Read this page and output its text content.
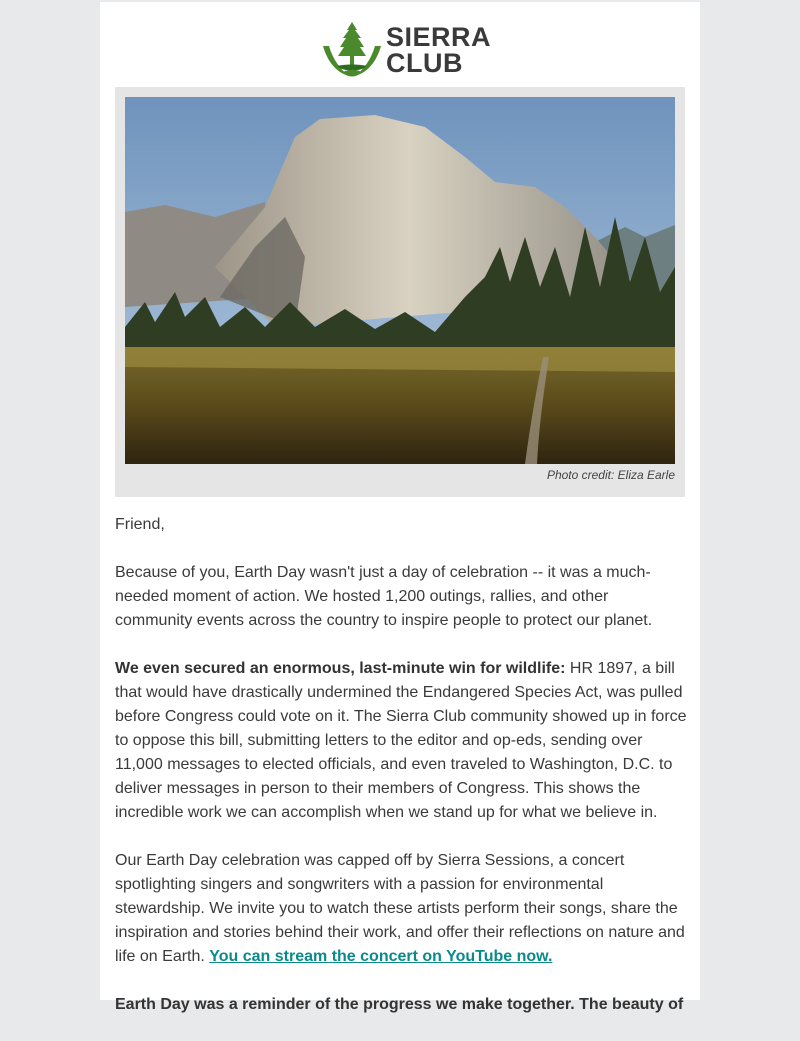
SIERRA
CLUB
Photo credit: Eliza Earle

Friend,

Because of you, Earth Day wasn't just a day of celebration -- it was a much-needed moment of action. We hosted 1,200 outings, rallies, and other community events across the country to inspire people to protect our planet.

We even secured an enormous, last-minute win for wildlife: HR 1897, a bill that would have drastically undermined the Endangered Species Act, was pulled before Congress could vote on it. The Sierra Club community showed up in force to oppose this bill, submitting letters to the editor and op-eds, sending over 11,000 messages to elected officials, and even traveled to Washington, D.C. to deliver messages in person to their members of Congress. This shows the incredible work we can accomplish when we stand up for what we believe in.

Our Earth Day celebration was capped off by Sierra Sessions, a concert spotlighting singers and songwriters with a passion for environmental stewardship. We invite you to watch these artists perform their songs, share the inspiration and stories behind their work, and offer their reflections on nature and life on Earth. You can stream the concert on YouTube now.

Earth Day was a reminder of the progress we make together. The beauty of
